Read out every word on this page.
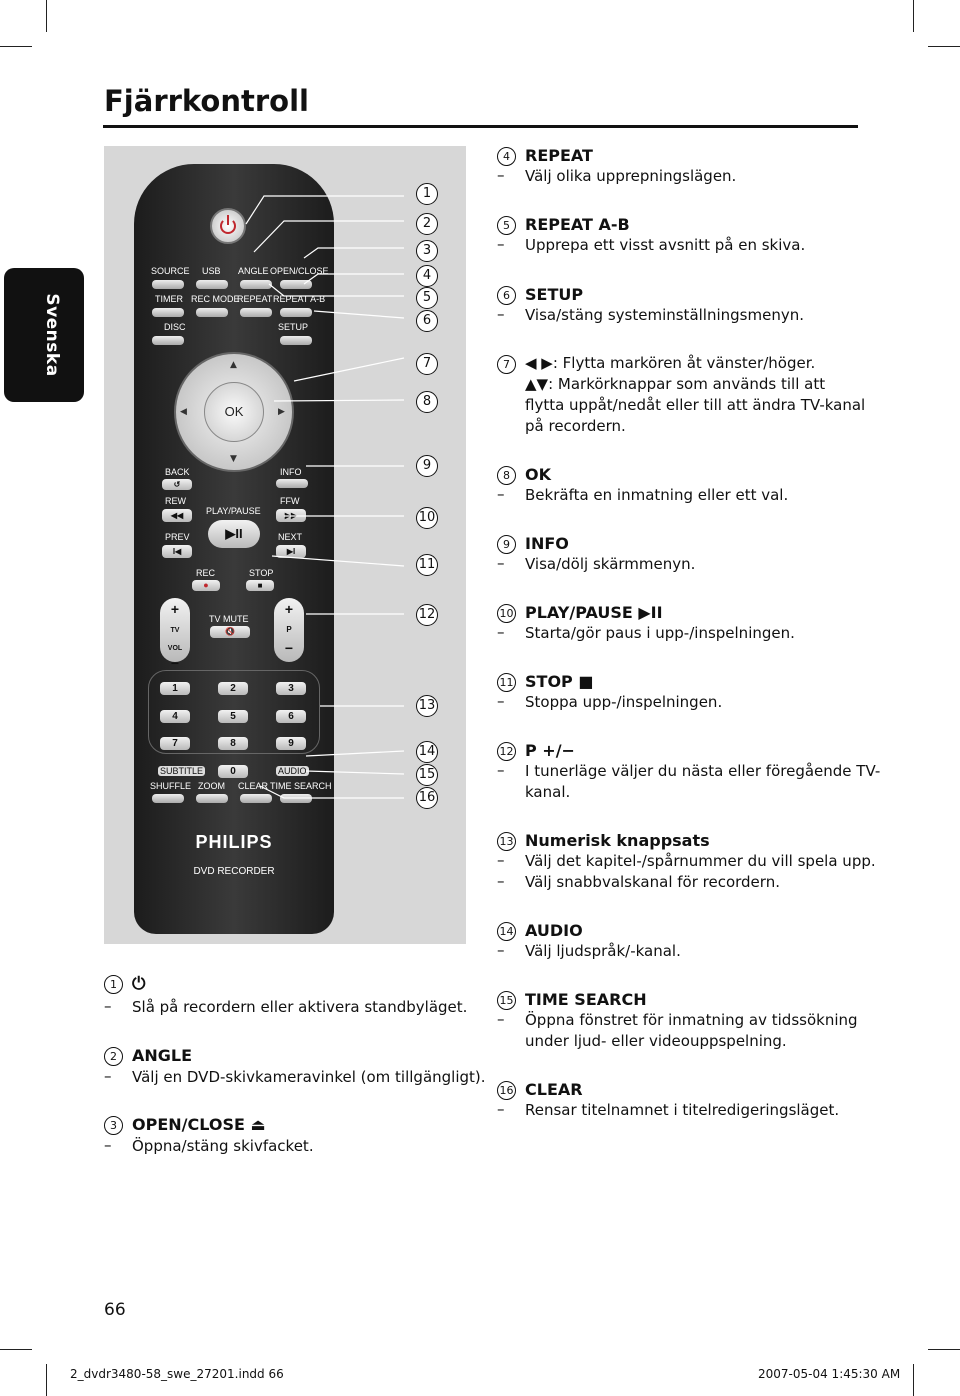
Svenska
Fjärrkontroll
SOURCE USB ANGLE OPEN/CLOSE
TIMER REC MODE
REPEAT REPEAT A-B
DISC	SETUP
▲
▼
◀	▶
OK
BACK	INFO
↺
REW	FFW
PLAY/PAUSE
◀◀	▶▶
▶II
PREV	NEXT
I◀	▶I
REC	STOP
●	■
+
TV
VOL
−
TV MUTE
🔇
+
P
−
1	2	3
4	5	6
7	8	9
0
SUBTITLE	AUDIO
SHUFFLE ZOOM CLEAR TIME SEARCH
PHILIPS
DVD RECORDER
1
2
3
4
5
6
7
8
9
10
11
12
13
14
15
16
1 ⏻
– Slå på recordern eller aktivera standbyläget.
2 ANGLE
– Välj en DVD-skivkameravinkel (om tillgängligt).
3 OPEN/CLOSE ⏏
– Öppna/stäng skivfacket.
4 REPEAT
– Välj olika upprepningslägen.
5 REPEAT A-B
– Upprepa ett visst avsnitt på en skiva.
6 SETUP
– Visa/stäng systeminställningsmenyn.
7	◀ ▶: Flytta markören åt vänster/höger.
▲▼: Markörknappar som används till att
flytta uppåt/nedåt eller till att ändra TV-kanal
på recordern.
8 OK
– Bekräfta en inmatning eller ett val.
9 INFO
– Visa/dölj skärmmenyn.
10 PLAY/PAUSE ▶II
– Starta/gör paus i upp-/inspelningen.
11 STOP ■
– Stoppa upp-/inspelningen.
12 P +/−
– I tunerläge väljer du nästa eller föregående TV-
kanal.
13 Numerisk knappsats
– Välj det kapitel-/spårnummer du vill spela upp.
– Välj snabbvalskanal för recordern.
14 AUDIO
– Välj ljudspråk/-kanal.
15 TIME SEARCH
– Öppna fönstret för inmatning av tidssökning
under ljud- eller videouppspelning.
16 CLEAR
– Rensar titelnamnet i titelredigeringsläget.
66
2_dvdr3480-58_swe_27201.indd 66	2007-05-04 1:45:30 AM
